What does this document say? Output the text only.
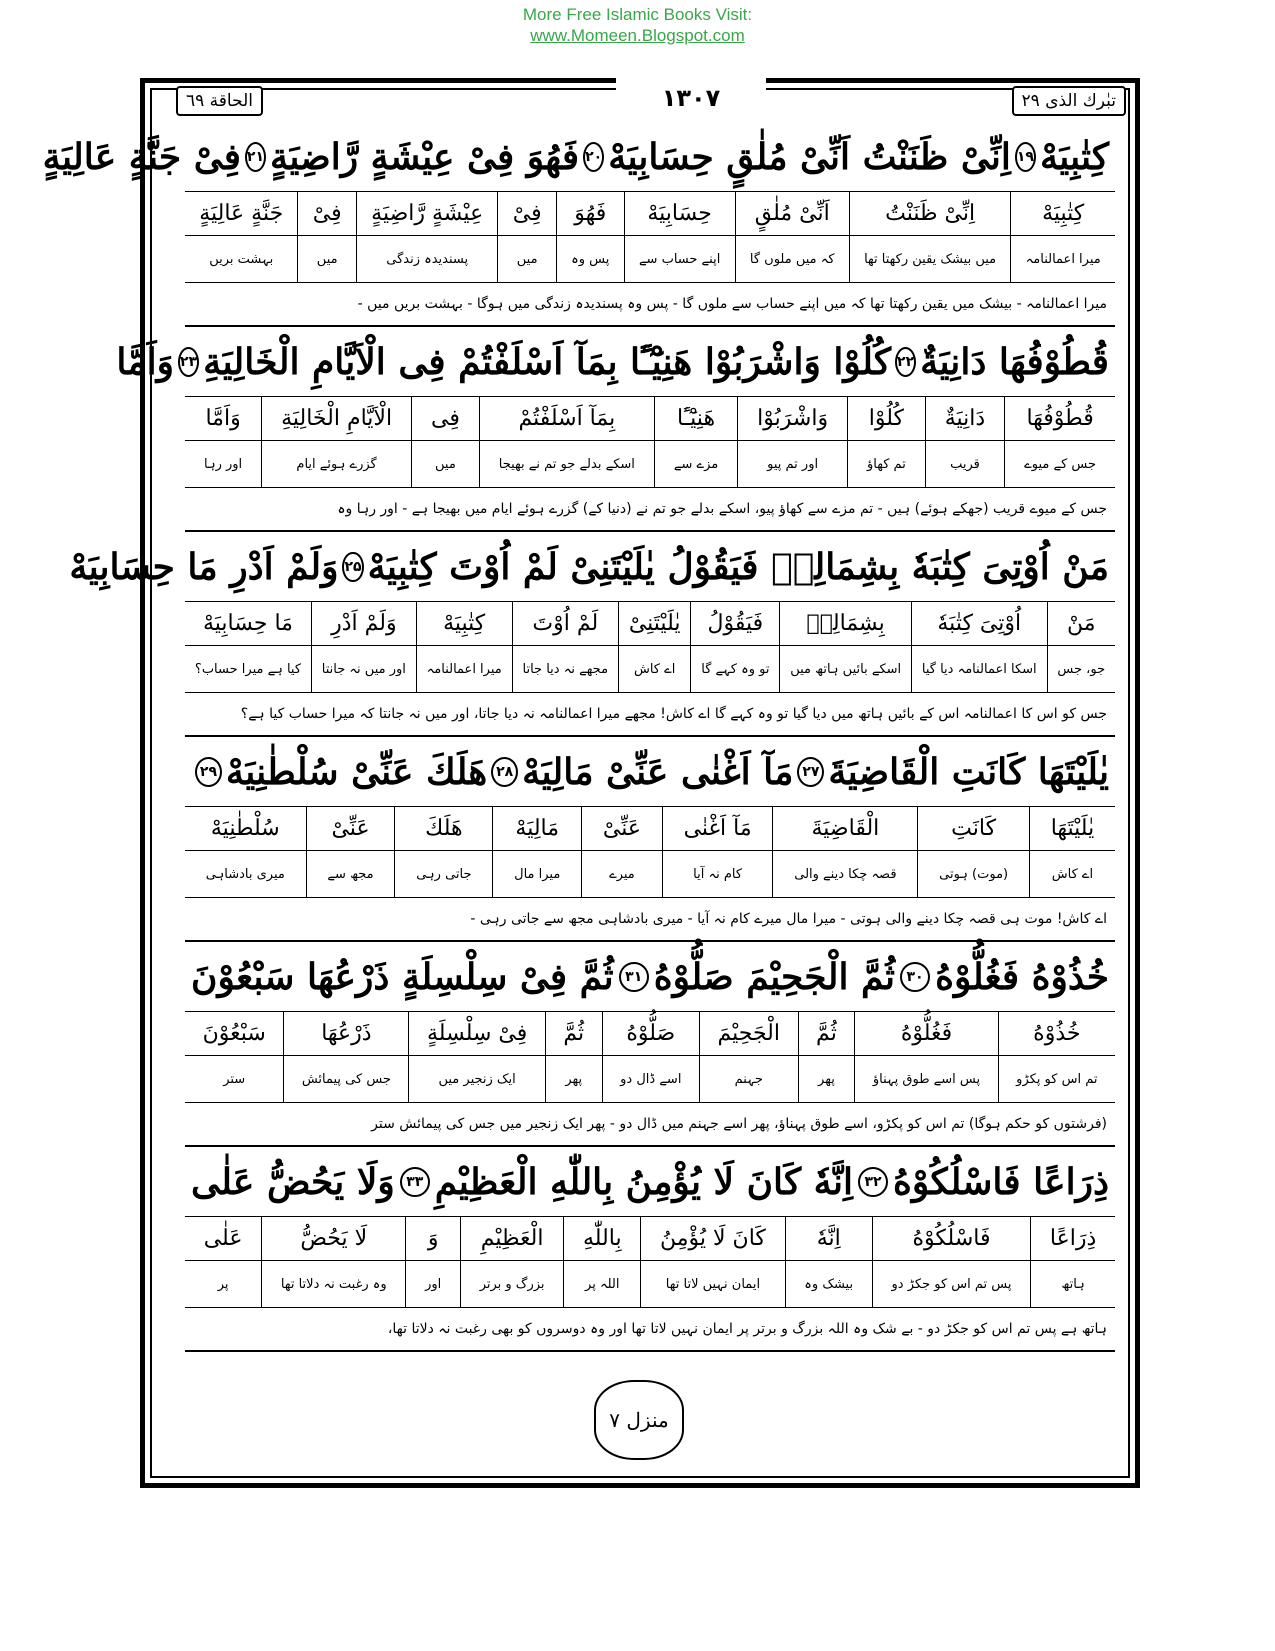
More Free Islamic Books Visit:
www.Momeen.Blogspot.com
الحاقة ٦٩	۱۳۰۷	تبٰرك الذى ۲۹
كِتٰبِيَهْ
۱۹
اِنِّىْ ظَنَنْتُ اَنِّىْ مُلٰقٍ حِسَابِيَهْ
۲۰
فَهُوَ فِىْ عِيْشَةٍ رَّاضِيَةٍ
۲۱
فِىْ جَنَّةٍ عَالِيَةٍ
كِتٰبِيَهْ
میرا اعمالنامہ
اِنِّىْ ظَنَنْتُ
میں بیشک یقین رکھتا تھا
اَنِّىْ مُلٰقٍ
کہ میں ملوں گا
حِسَابِيَهْ
اپنے حساب سے
فَهُوَ
پس وہ
فِىْ
میں
عِيْشَةٍ رَّاضِيَةٍ
پسندیدہ زندگی
فِىْ
میں
جَنَّةٍ عَالِيَةٍ
بہشت بریں
میرا اعمالنامہ - بیشک میں یقین رکھتا تھا کہ میں اپنے حساب سے ملوں گا - پس وہ پسندیدہ زندگی میں ہوگا - بہشت بریں میں -
قُطُوْفُهَا دَانِيَةٌ
۲۲
كُلُوْا وَاشْرَبُوْا هَنِيْٓـًٔا بِمَآ اَسْلَفْتُمْ فِى الْاَيَّامِ الْخَالِيَةِ
۲۳
وَاَمَّا
قُطُوْفُهَا
جس کے میوے
دَانِيَةٌ
قریب
كُلُوْا
تم کھاؤ
وَاشْرَبُوْا
اور تم پیو
هَنِيْٓـًٔا
مزے سے
بِمَآ اَسْلَفْتُمْ
اسکے بدلے جو تم نے بھیجا
فِى
میں
الْاَيَّامِ الْخَالِيَةِ
گزرے ہوئے ایام
وَاَمَّا
اور رہا
جس کے میوے قریب (جھکے ہوئے) ہیں - تم مزے سے کھاؤ پیو، اسکے بدلے جو تم نے (دنیا کے) گزرے ہوئے ایام میں بھیجا ہے - اور رہا وہ
مَنْ اُوْتِىَ كِتٰبَهٗ بِشِمَالِهٖ فَيَقُوْلُ يٰلَيْتَنِىْ لَمْ اُوْتَ كِتٰبِيَهْ
۲۵
وَلَمْ اَدْرِ مَا حِسَابِيَهْ
مَنْ
جو، جس
اُوْتِىَ كِتٰبَهٗ
اسکا اعمالنامہ دیا گیا
بِشِمَالِهٖ
اسکے بائیں ہاتھ میں
فَيَقُوْلُ
تو وہ کہے گا
يٰلَيْتَنِىْ
اے کاش
لَمْ اُوْتَ
مجھے نہ دیا جاتا
كِتٰبِيَهْ
میرا اعمالنامہ
وَلَمْ اَدْرِ
اور میں نہ جانتا
مَا حِسَابِيَهْ
کیا ہے میرا حساب؟
جس کو اس کا اعمالنامہ اس کے بائیں ہاتھ میں دیا گیا تو وہ کہے گا اے کاش! مجھے میرا اعمالنامہ نہ دیا جاتا، اور میں نہ جانتا کہ میرا حساب کیا ہے؟
يٰلَيْتَهَا كَانَتِ الْقَاضِيَةَ
۲۷
مَآ اَغْنٰى عَنِّىْ مَالِيَهْ
۲۸
هَلَكَ عَنِّىْ سُلْطٰنِيَهْ
۲۹
يٰلَيْتَهَا
اے کاش
كَانَتِ
(موت) ہوتی
الْقَاضِيَةَ
قصہ چکا دینے والی
مَآ اَغْنٰى
کام نہ آیا
عَنِّىْ
میرے
مَالِيَهْ
میرا مال
هَلَكَ
جاتی رہی
عَنِّىْ
مجھ سے
سُلْطٰنِيَهْ
میری بادشاہی
اے کاش! موت ہی قصہ چکا دینے والی ہوتی - میرا مال میرے کام نہ آیا - میری بادشاہی مجھ سے جاتی رہی -
خُذُوْهُ فَغُلُّوْهُ
۳۰
ثُمَّ الْجَحِيْمَ صَلُّوْهُ
۳۱
ثُمَّ فِىْ سِلْسِلَةٍ ذَرْعُهَا سَبْعُوْنَ
خُذُوْهُ
تم اس کو پکڑو
فَغُلُّوْهُ
پس اسے طوق پہناؤ
ثُمَّ
پھر
الْجَحِيْمَ
جہنم
صَلُّوْهُ
اسے ڈال دو
ثُمَّ
پھر
فِىْ سِلْسِلَةٍ
ایک زنجیر میں
ذَرْعُهَا
جس کی پیمائش
سَبْعُوْنَ
ستر
(فرشتوں کو حکم ہوگا) تم اس کو پکڑو، اسے طوق پہناؤ، پھر اسے جہنم میں ڈال دو - پھر ایک زنجیر میں جس کی پیمائش ستر
ذِرَاعًا فَاسْلُكُوْهُ
۳۲
اِنَّهٗ كَانَ لَا يُؤْمِنُ بِاللّٰهِ الْعَظِيْمِ
۳۳
وَلَا يَحُضُّ عَلٰى
ذِرَاعًا
ہاتھ
فَاسْلُكُوْهُ
پس تم اس کو جکڑ دو
اِنَّهٗ
بیشک وہ
كَانَ لَا يُؤْمِنُ
ایمان نہیں لاتا تھا
بِاللّٰهِ
اللہ پر
الْعَظِيْمِ
بزرگ و برتر
وَ
اور
لَا يَحُضُّ
وہ رغبت نہ دلاتا تھا
عَلٰى
پر
ہاتھ ہے پس تم اس کو جکڑ دو - بے شک وہ اللہ بزرگ و برتر پر ایمان نہیں لاتا تھا اور وہ دوسروں کو بھی رغبت نہ دلاتا تھا،
منزل ۷
